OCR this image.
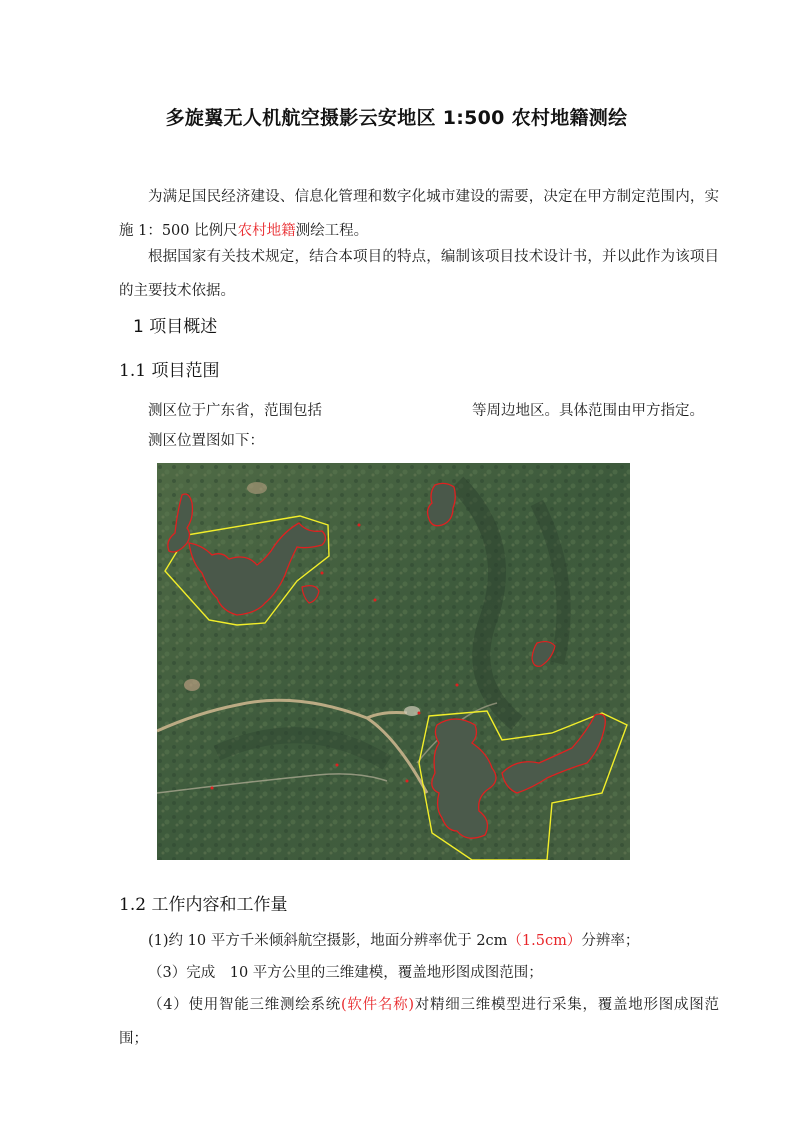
多旋翼无人机航空摄影云安地区 1:500 农村地籍测绘
为满足国民经济建设、信息化管理和数字化城市建设的需要，决定在甲方制定范围内，实施 1：500 比例尺农村地籍测绘工程。
根据国家有关技术规定，结合本项目的特点，编制该项目技术设计书，并以此作为该项目的主要技术依据。
1 项目概述
1.1 项目范围
测区位于广东省，范围包括	等周边地区。具体范围由甲方指定。
测区位置图如下：
1.2 工作内容和工作量
(1)约 10 平方千米倾斜航空摄影，地面分辨率优于 2cm（1.5cm）分辨率；
（3）完成　10 平方公里的三维建模，覆盖地形图成图范围；
（4）使用智能三维测绘系统(软件名称)对精细三维模型进行采集，覆盖地形图成图范围；
